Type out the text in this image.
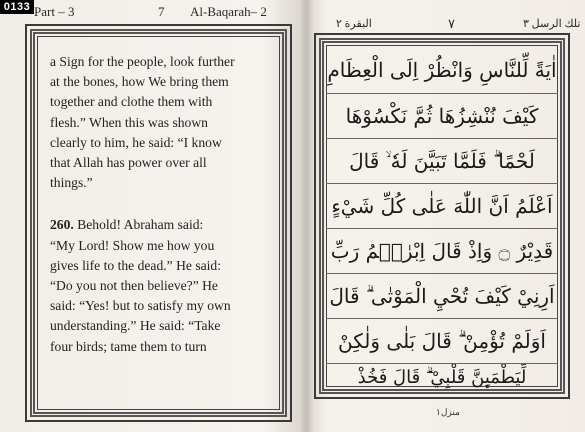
Part – 3	7 Al-Baqarah– 2

a Sign for the people, look further

at the bones, how We bring them

together and clothe them with

flesh.” When this was shown

clearly to him, he said: “I know

that Allah has power over all

things.”

260. Behold! Abraham said:

“My Lord! Show me how you

gives life to the dead.” He said:

“Do you not then believe?” He

said: “Yes! but to satisfy my own

understanding.” He said: “Take

four birds; tame them to turn

تلك الرسل ٣
٧
البقرة ٢
اٰيَةً لِّلنَّاسِ وَانْظُرْ اِلَى الْعِظَامِ
كَيْفَ نُنْشِزُهَا ثُمَّ نَكْسُوْهَا
لَحْمًا ۗ فَلَمَّا تَبَيَّنَ لَهٗ ۙ قَالَ
اَعْلَمُ اَنَّ اللّٰهَ عَلٰى كُلِّ شَيْءٍ
قَدِيْرٌ ۝ وَاِذْ قَالَ اِبْرٰهٖمُ رَبِّ
اَرِنِيْ كَيْفَ تُحْيِ الْمَوْتٰى ۗ قَالَ
اَوَلَمْ تُؤْمِنْ ۗ قَالَ بَلٰى وَلٰكِنْ
لِّيَطْمَىِٕنَّ قَلْبِيْ ۗ قَالَ فَخُذْ
منزل١
0133
